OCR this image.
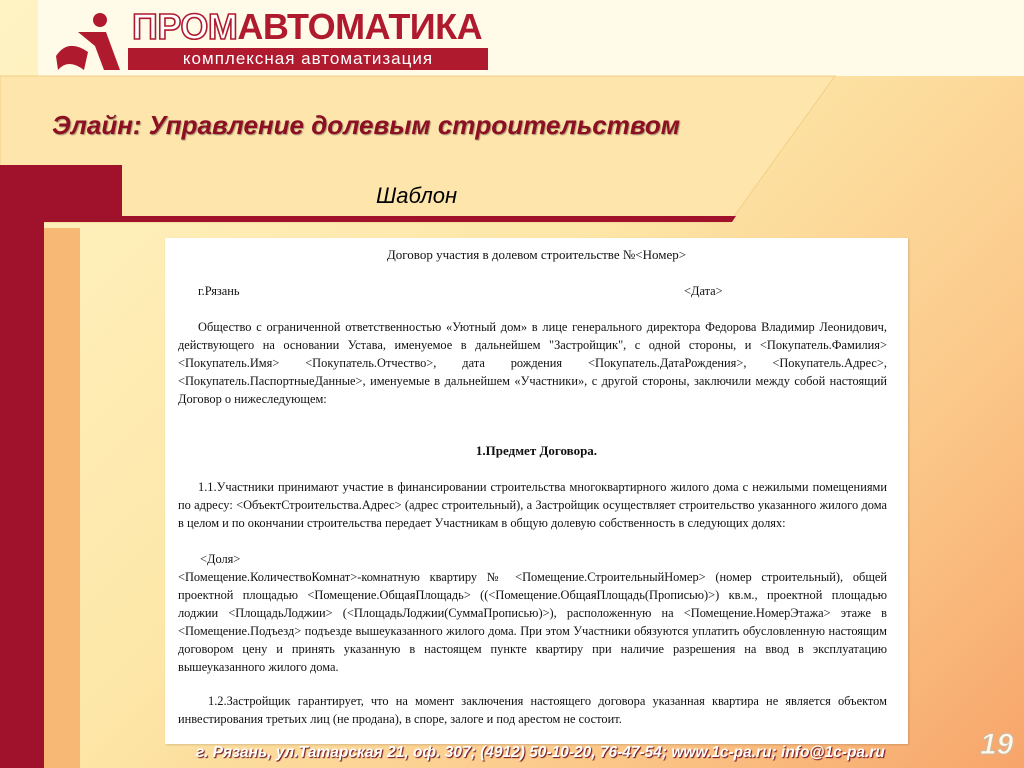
ПРОМАВТОМАТИКА
комплексная автоматизация
Элайн: Управление долевым строительством
Шаблон
Договор участия в долевом строительстве №<Номер>
г.Рязань	<Дата>

Общество с ограниченной ответственностью «Уютный дом» в лице генерального директора Федорова Владимир Леонидович, действующего на основании Устава, именуемое в дальнейшем "Застройщик", с одной стороны, и <Покупатель.Фамилия> <Покупатель.Имя> <Покупатель.Отчество>, дата рождения <Покупатель.ДатаРождения>, <Покупатель.Адрес>, <Покупатель.ПаспортныеДанные>, именуемые в дальнейшем «Участники», с другой стороны, заключили между собой настоящий Договор о нижеследующем:

1.Предмет Договора.

1.1.Участники принимают участие в финансировании строительства многоквартирного жилого дома с нежилыми помещениями по адресу: <ОбъектСтроительства.Адрес> (адрес строительный), а Застройщик осуществляет строительство указанного жилого дома в целом и по окончании строительства передает Участникам в общую долевую собственность в следующих долях:

<Доля>

<Помещение.КоличествоКомнат>-комнатную квартиру № <Помещение.СтроительныйНомер> (номер строительный), общей проектной площадью <Помещение.ОбщаяПлощадь> ((<Помещение.ОбщаяПлощадь(Прописью)>) кв.м., проектной площадью лоджии <ПлощадьЛоджии> (<ПлощадьЛоджии(СуммаПрописью)>), расположенную на <Помещение.НомерЭтажа> этаже в <Помещение.Подъезд> подъезде вышеуказанного жилого дома. При этом Участники обязуются уплатить обусловленную настоящим договором цену и принять указанную в настоящем пункте квартиру при наличие разрешения на ввод в эксплуатацию вышеуказанного жилого дома.

1.2.Застройщик гарантирует, что на момент заключения настоящего договора указанная квартира не является объектом инвестирования третьих лиц (не продана), в споре, залоге и под арестом не состоит.

г. Рязань, ул.Татарская 21, оф. 307; (4912) 50-10-20, 76-47-54; www.1c-pa.ru; info@1c-pa.ru	19
